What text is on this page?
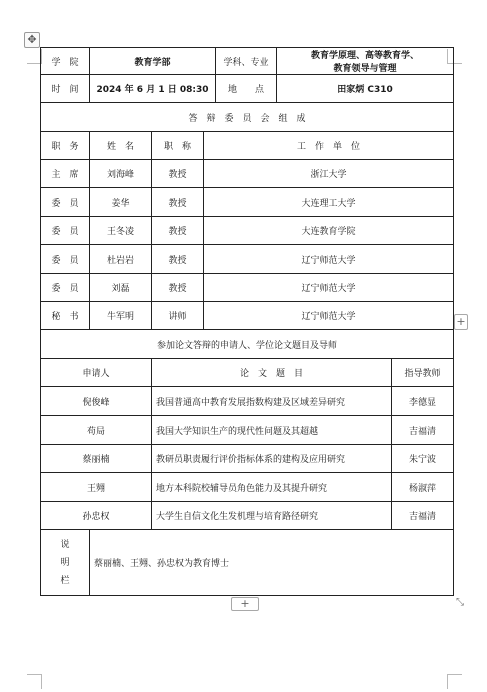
✥
学　院	教育学部			学科、专业	教育学原理、高等教育学、
教育领导与管理	

时　间	2024 年 6 月 1 日 08:30			地　　点	田家炳 C310	
答　辩　委　员　会　组　成						
职　务	姓　名	职　称	工　作　单　位			
主　席	刘海峰	教授	浙江大学			
委　员	姜华	教授	大连理工大学			
委　员	王冬凌	教授	大连教育学院			
委　员	杜岩岩	教授	辽宁师范大学			
委　员	刘磊	教授	辽宁师范大学			
秘　书	牛军明	讲师	辽宁师范大学			
参加论文答辩的申请人、学位论文题目及导师						
申请人		论　文　题　目				指导教师
倪俊峰		我国普通高中教育发展指数构建及区域差异研究				李德显
苟局		我国大学知识生产的现代性问题及其超越				吉福清
蔡丽楠		教研员职责履行评价指标体系的建构及应用研究				朱宁波
王翙		地方本科院校辅导员角色能力及其提升研究				杨淑萍
孙忠权		大学生自信文化生发机理与培育路径研究				吉福清

说
明
栏	蔡丽楠、王翙、孙忠权为教育博士					
+
+	⤡
